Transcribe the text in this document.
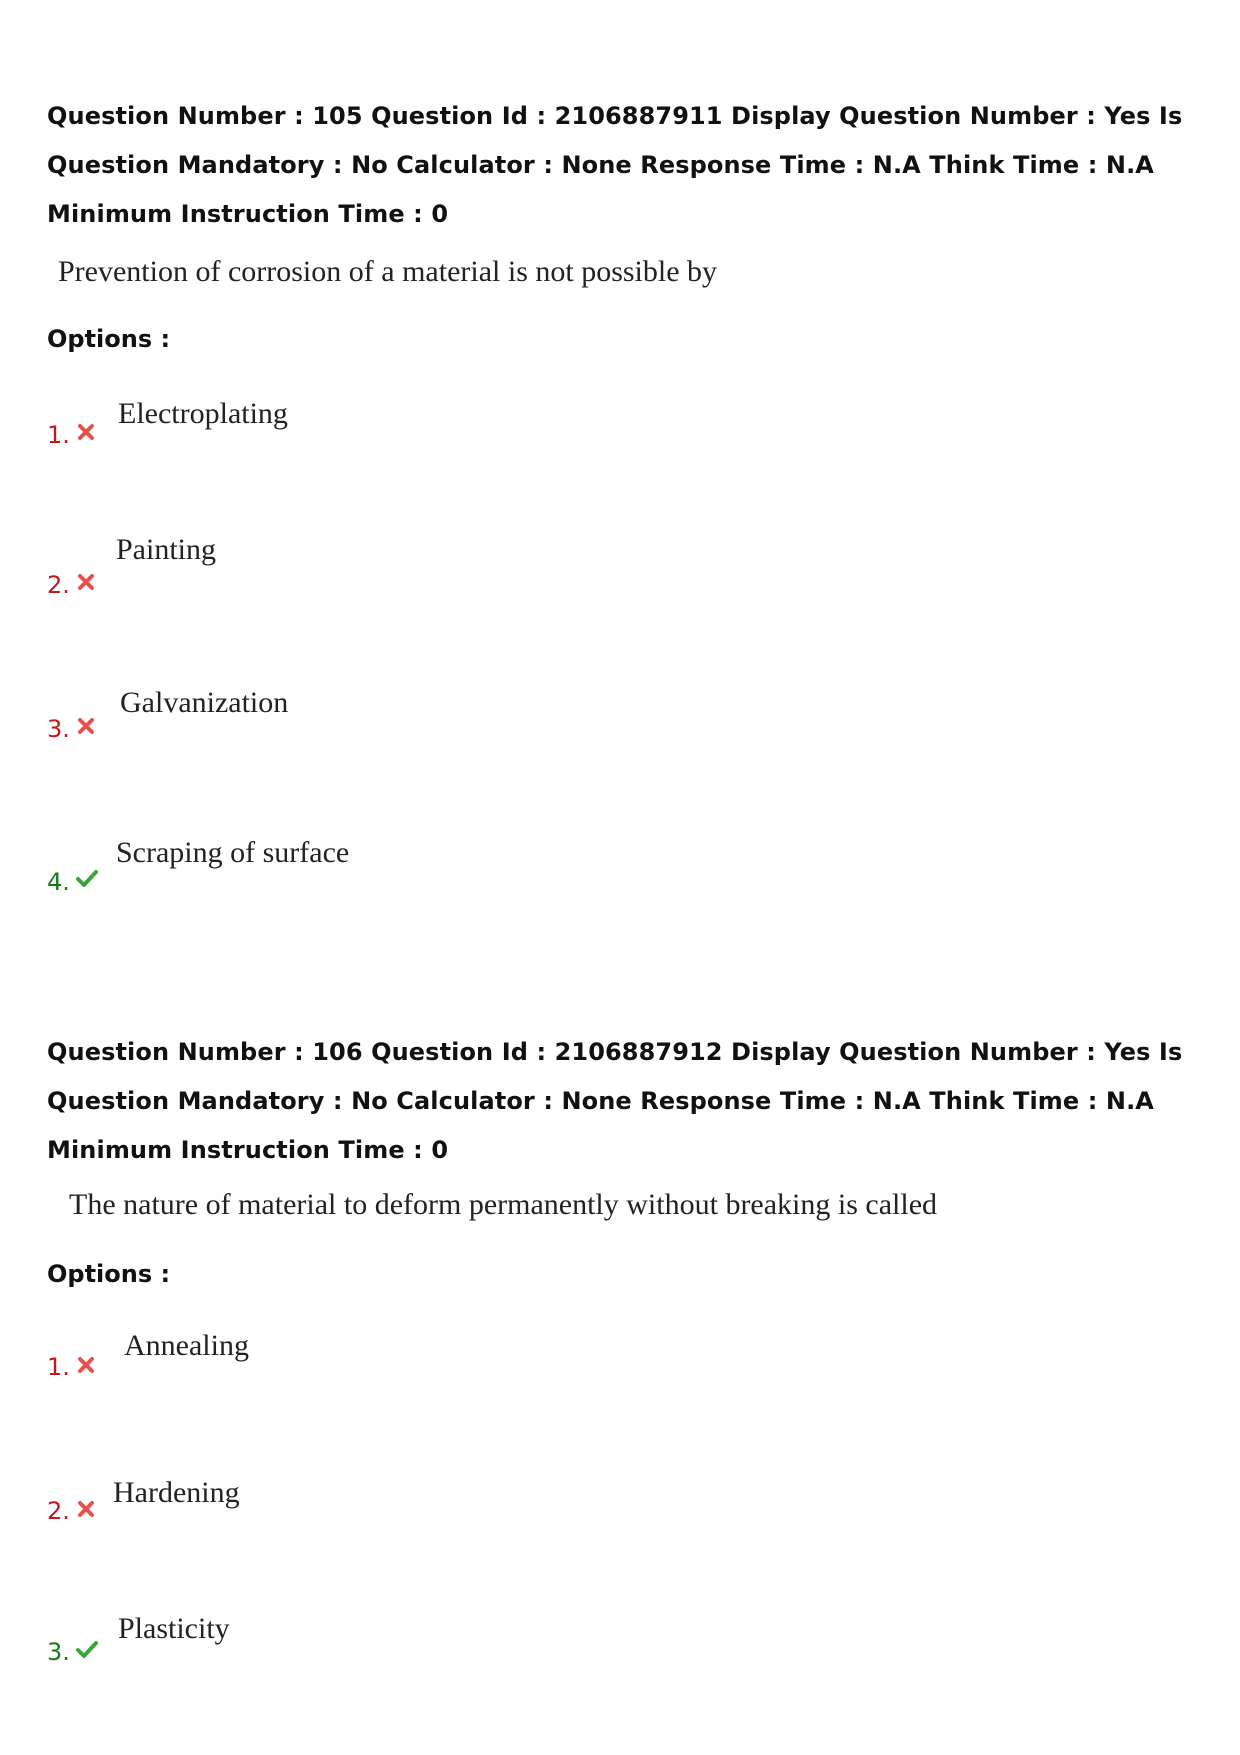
Question Number : 105 Question Id : 2106887911 Display Question Number : Yes Is Question Mandatory : No Calculator : None Response Time : N.A Think Time : N.A Minimum Instruction Time : 0
Prevention of corrosion of a material is not possible by
Options :
1.
Electroplating
2.
Painting
3.
Galvanization
4.
Scraping of surface
Question Number : 106 Question Id : 2106887912 Display Question Number : Yes Is Question Mandatory : No Calculator : None Response Time : N.A Think Time : N.A Minimum Instruction Time : 0
The nature of material to deform permanently without breaking is called
Options :
1.
Annealing
2.
Hardening
3.
Plasticity
